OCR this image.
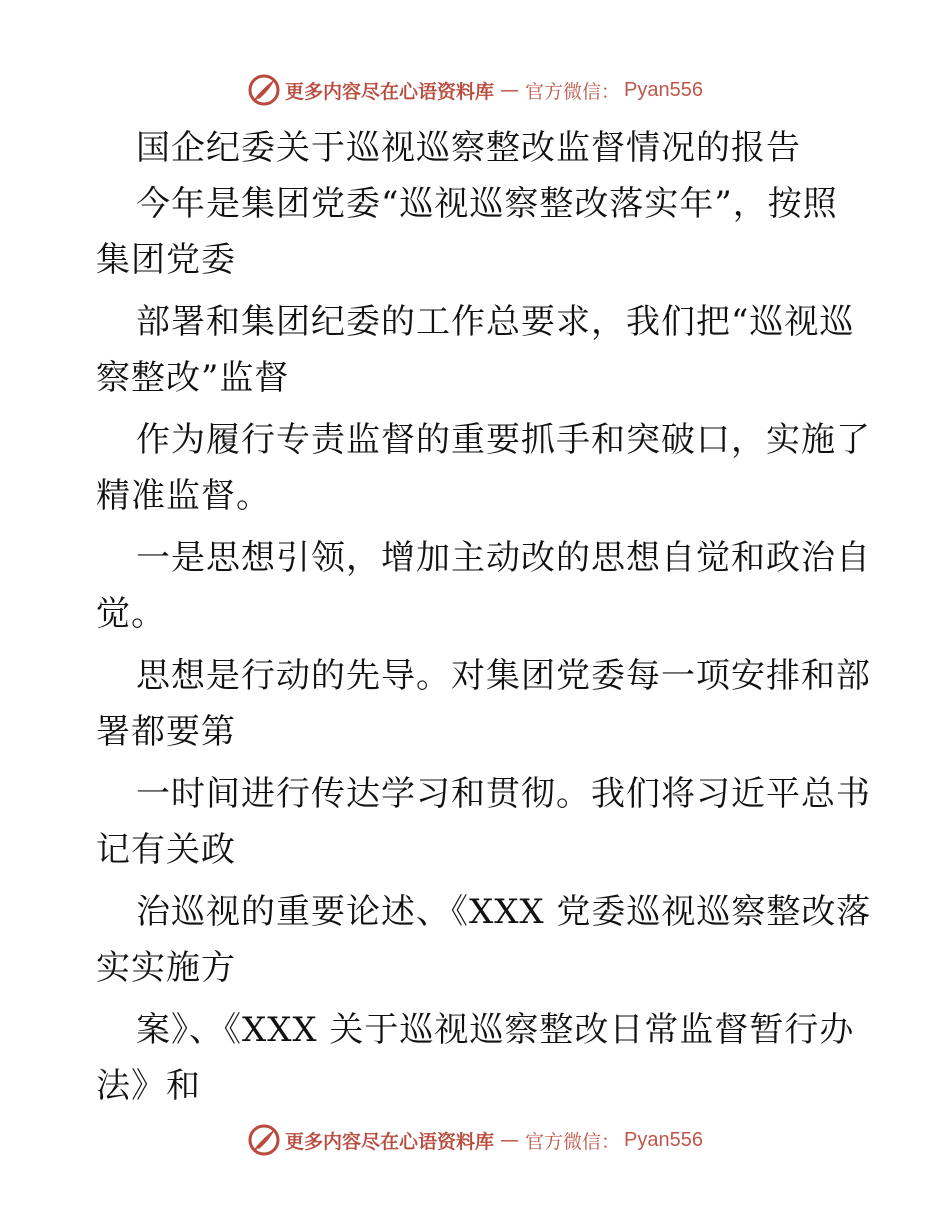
更多内容尽在心语资料库 — 官方微信： Pyan556
国企纪委关于巡视巡察整改监督情况的报告
今年是集团党委“巡视巡察整改落实年”，按照
集团党委
部署和集团纪委的工作总要求，我们把“巡视巡
察整改”监督
作为履行专责监督的重要抓手和突破口，实施了
精准监督。
一是思想引领，增加主动改的思想自觉和政治自
觉。
思想是行动的先导。对集团党委每一项安排和部
署都要第
一时间进行传达学习和贯彻。我们将习近平总书
记有关政
治巡视的重要论述、《XXX 党委巡视巡察整改落
实实施方
案》、《XXX 关于巡视巡察整改日常监督暂行办
法》和
更多内容尽在心语资料库 — 官方微信： Pyan556
